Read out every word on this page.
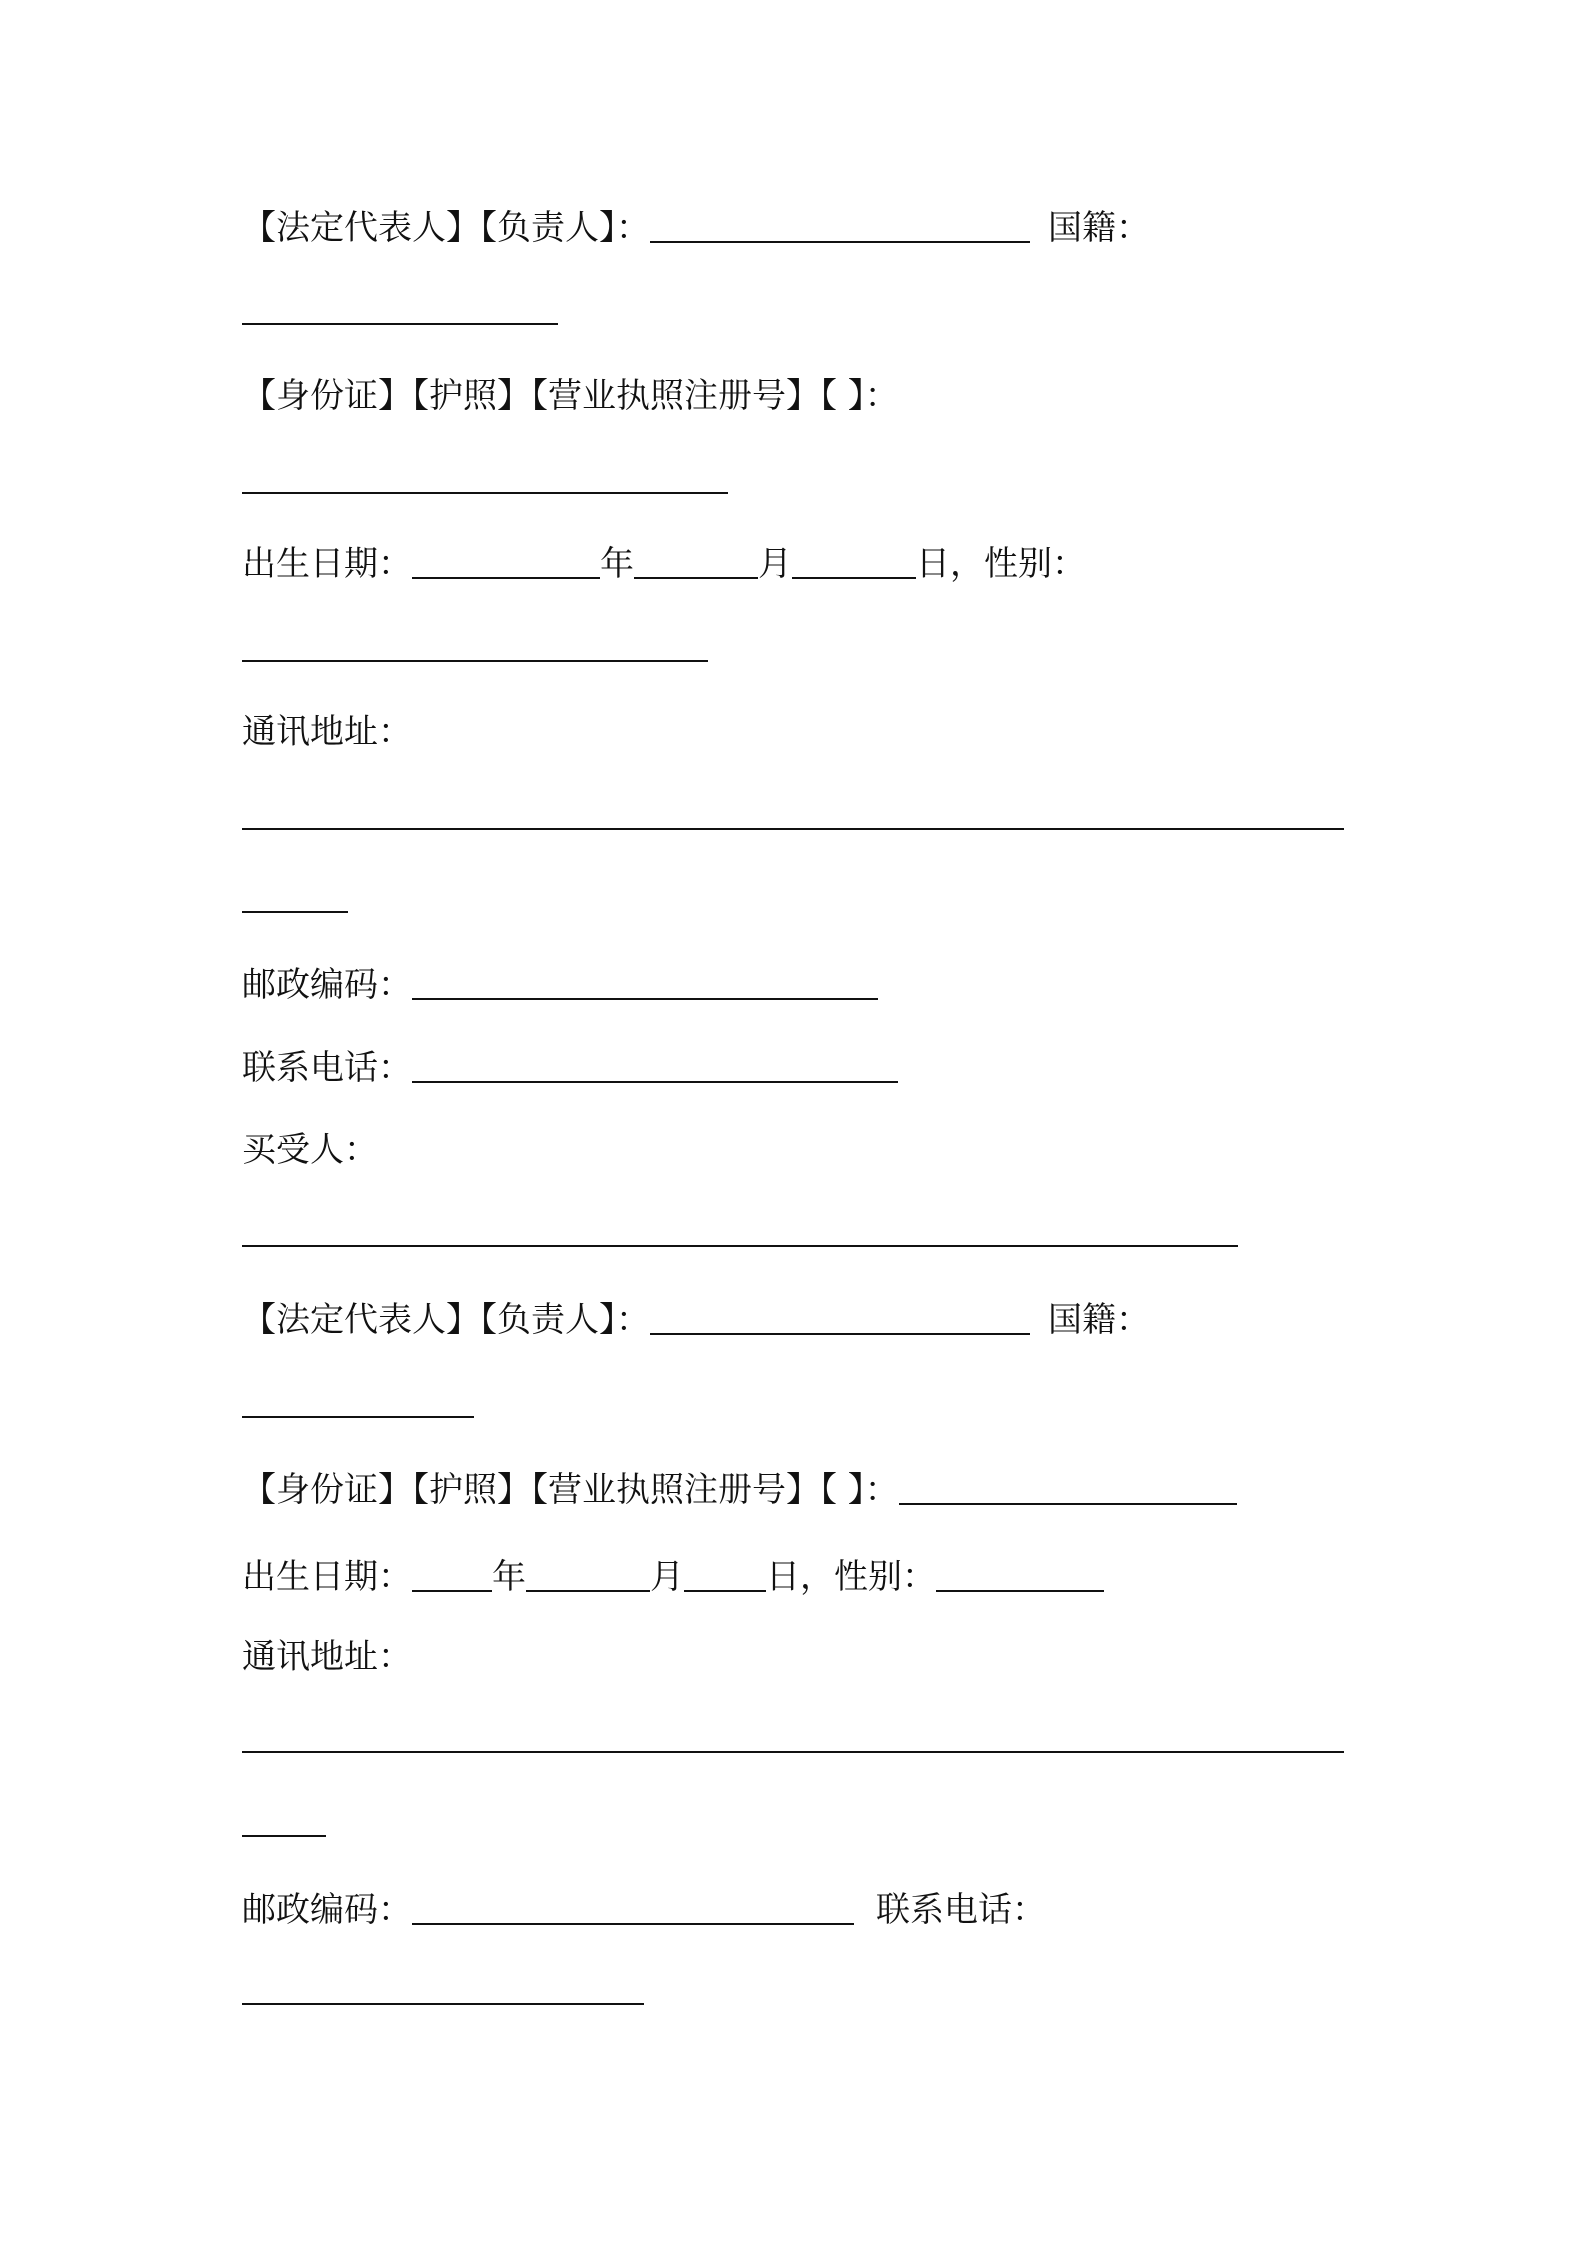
【法定代表人】【负责人】：	国籍：
【身份证】【护照】【营业执照注册号】【 】：
出生日期：	年	月	日， 性别：
通讯地址：
邮政编码：
联系电话：
买受人：
【法定代表人】【负责人】：	国籍：
【身份证】【护照】【营业执照注册号】【 】：
出生日期： 年	月 日， 性别：
通讯地址：
邮政编码：	联系电话：
